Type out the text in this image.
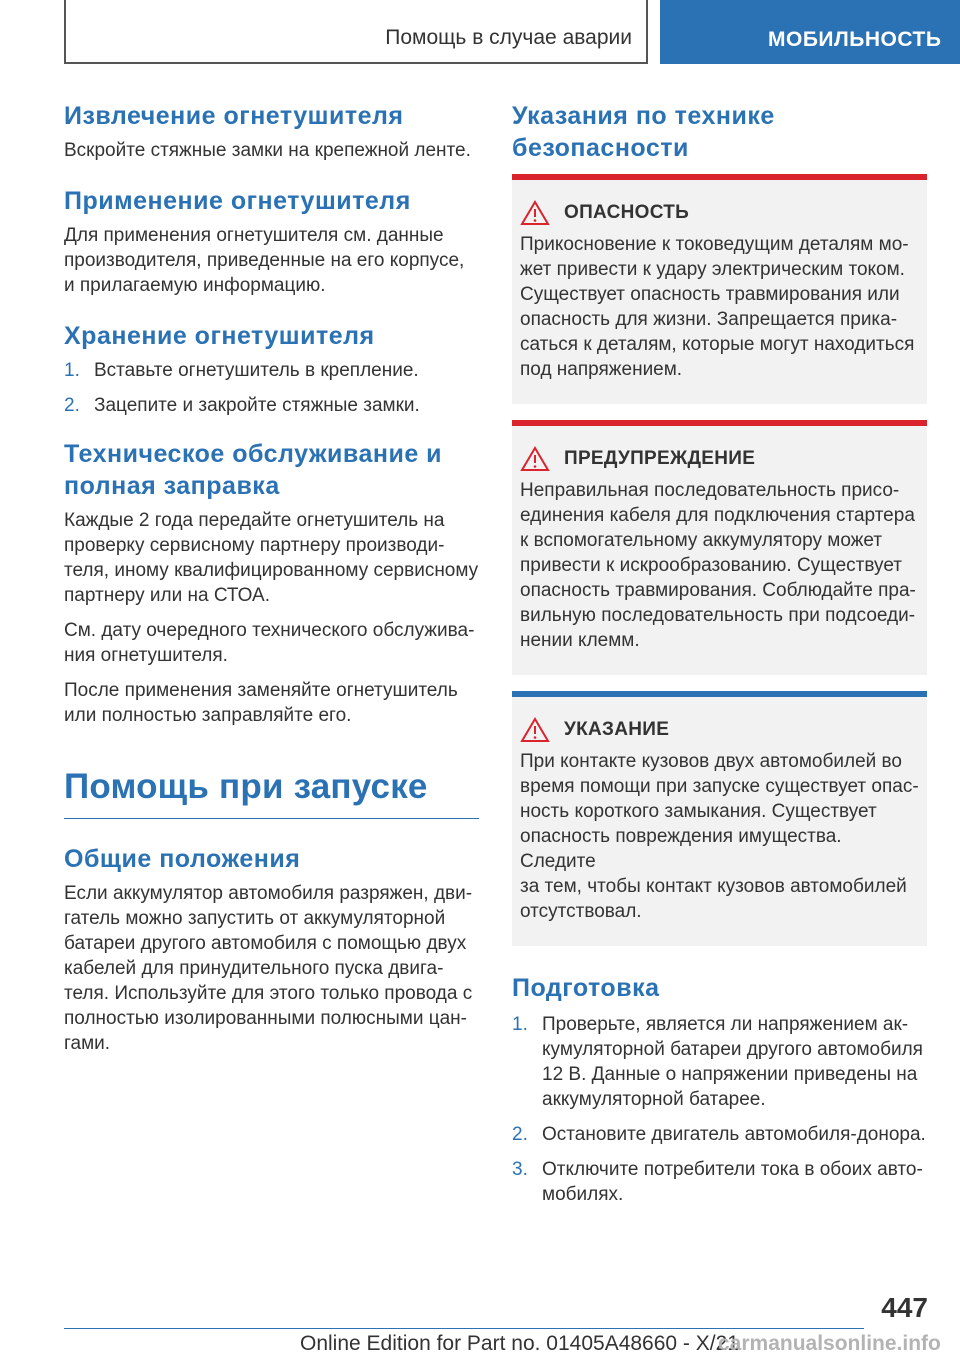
Помощь в случае аварии	МОБИЛЬНОСТЬ
Извлечение огнетушителя

Вскройте стяжные замки на крепежной ленте.

Применение огнетушителя

Для применения огнетушителя см. данные
производителя, приведенные на его корпусе,
и прилагаемую информацию.

Хранение огнетушителя
1. Вставьте огнетушитель в крепление.
2. Зацепите и закройте стяжные замки.
Техническое обслуживание и
полная заправка

Каждые 2 года передайте огнетушитель на
проверку сервисному партнеру производи-
теля, иному квалифицированному сервисному
партнеру или на СТОА.

См. дату очередного технического обслужива-
ния огнетушителя.

После применения заменяйте огнетушитель
или полностью заправляйте его.

Помощь при запуске
Общие положения

Если аккумулятор автомобиля разряжен, дви-
гатель можно запустить от аккумуляторной
батареи другого автомобиля с помощью двух
кабелей для принудительного пуска двига-
теля. Используйте для этого только провода с
полностью изолированными полюсными цан-
гами.

Указания по технике
безопасности
ОПАСНОСТЬ

Прикосновение к токоведущим деталям мо-
жет привести к удару электрическим током.
Существует опасность травмирования или
опасность для жизни. Запрещается прика-
саться к деталям, которые могут находиться
под напряжением.

ПРЕДУПРЕЖДЕНИЕ

Неправильная последовательность присо-
единения кабеля для подключения стартера
к вспомогательному аккумулятору может
привести к искрообразованию. Существует
опасность травмирования. Соблюдайте пра-
вильную последовательность при подсоеди-
нении клемм.

УКАЗАНИЕ

При контакте кузовов двух автомобилей во
время помощи при запуске существует опас-
ность короткого замыкания. Существует
опасность повреждения имущества. Следите
за тем, чтобы контакт кузовов автомобилей
отсутствовал.

Подготовка
1. Проверьте, является ли напряжением ак-
кумуляторной батареи другого автомобиля
12 В. Данные о напряжении приведены на
аккумуляторной батарее.
2. Остановите двигатель автомобиля-донора.
3. Отключите потребители тока в обоих авто-
мобилях.
447
Online Edition for Part no. 01405A48660 - X/21
carmanualsonline.info
